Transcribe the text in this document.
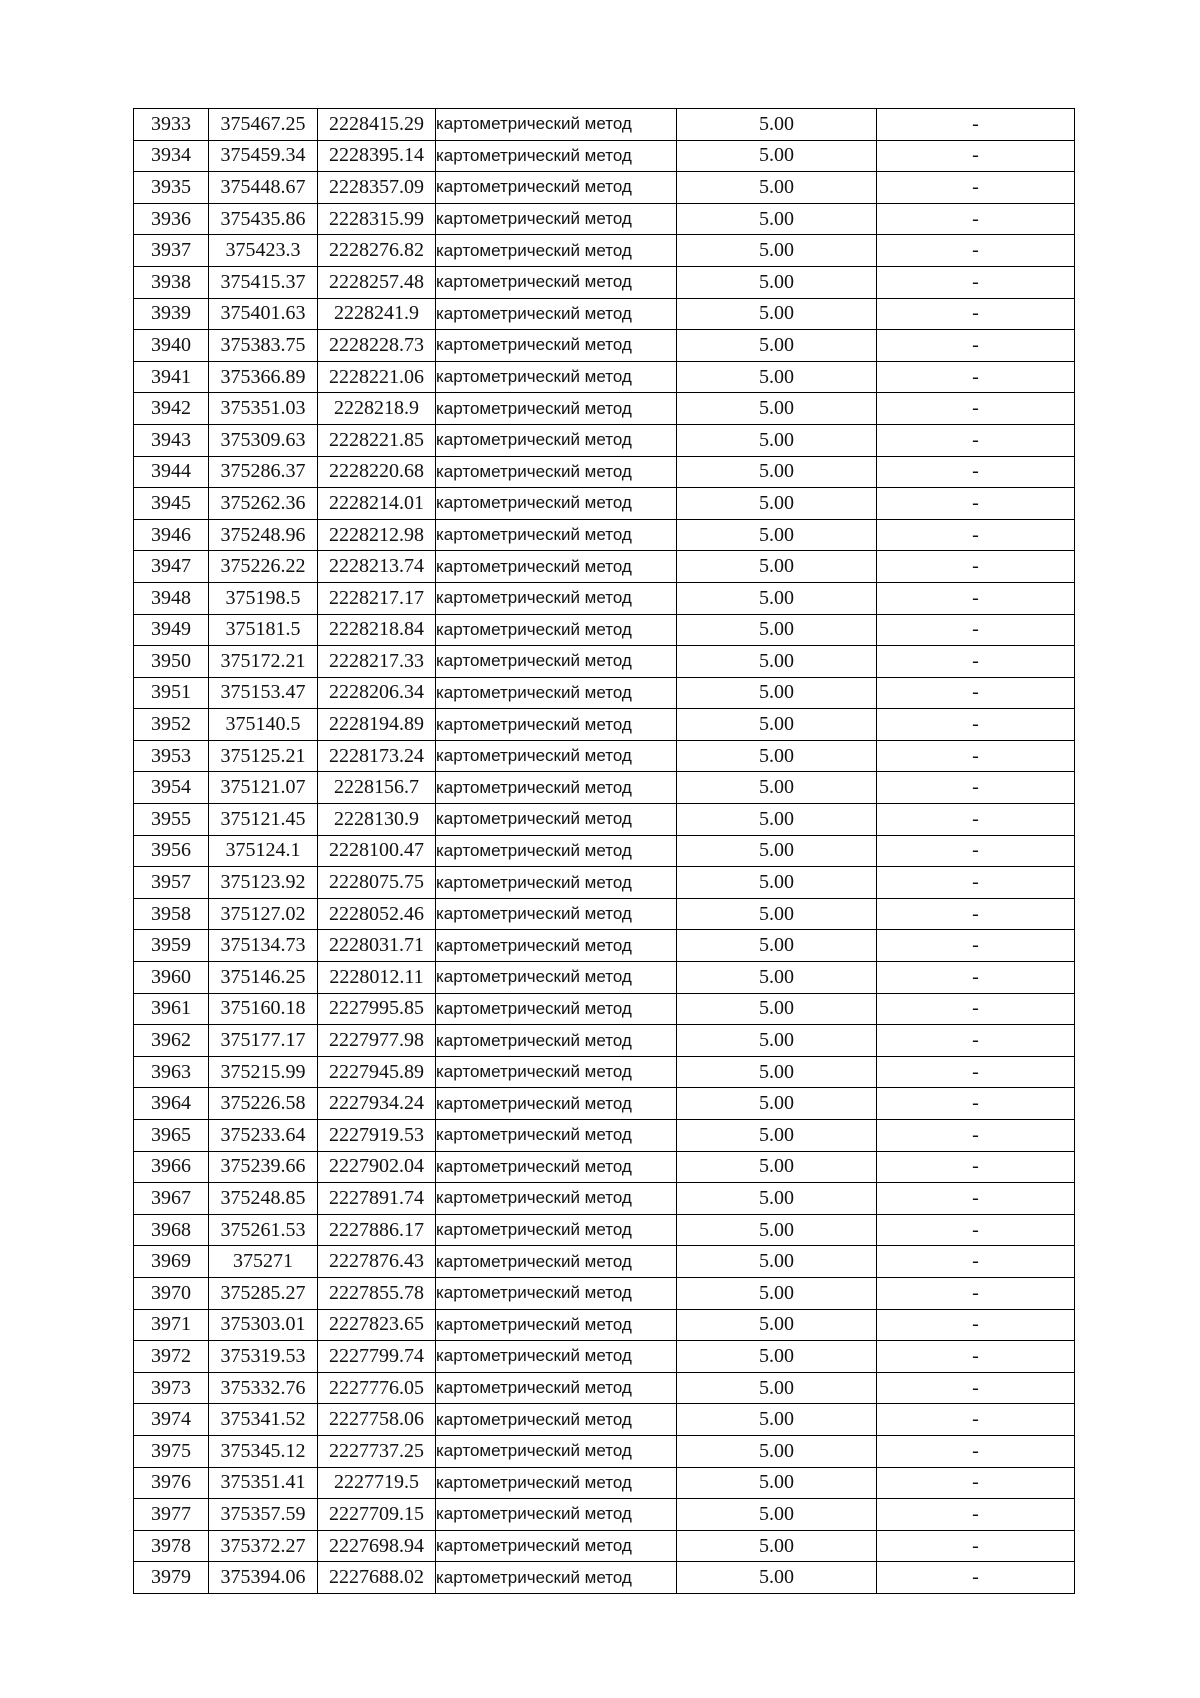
3933	375467.25	2228415.29	картометрический метод	5.00	-
3934	375459.34	2228395.14	картометрический метод	5.00	-
3935	375448.67	2228357.09	картометрический метод	5.00	-
3936	375435.86	2228315.99	картометрический метод	5.00	-
3937	375423.3	2228276.82	картометрический метод	5.00	-
3938	375415.37	2228257.48	картометрический метод	5.00	-
3939	375401.63	2228241.9	картометрический метод	5.00	-
3940	375383.75	2228228.73	картометрический метод	5.00	-
3941	375366.89	2228221.06	картометрический метод	5.00	-
3942	375351.03	2228218.9	картометрический метод	5.00	-
3943	375309.63	2228221.85	картометрический метод	5.00	-
3944	375286.37	2228220.68	картометрический метод	5.00	-
3945	375262.36	2228214.01	картометрический метод	5.00	-
3946	375248.96	2228212.98	картометрический метод	5.00	-
3947	375226.22	2228213.74	картометрический метод	5.00	-
3948	375198.5	2228217.17	картометрический метод	5.00	-
3949	375181.5	2228218.84	картометрический метод	5.00	-
3950	375172.21	2228217.33	картометрический метод	5.00	-
3951	375153.47	2228206.34	картометрический метод	5.00	-
3952	375140.5	2228194.89	картометрический метод	5.00	-
3953	375125.21	2228173.24	картометрический метод	5.00	-
3954	375121.07	2228156.7	картометрический метод	5.00	-
3955	375121.45	2228130.9	картометрический метод	5.00	-
3956	375124.1	2228100.47	картометрический метод	5.00	-
3957	375123.92	2228075.75	картометрический метод	5.00	-
3958	375127.02	2228052.46	картометрический метод	5.00	-
3959	375134.73	2228031.71	картометрический метод	5.00	-
3960	375146.25	2228012.11	картометрический метод	5.00	-
3961	375160.18	2227995.85	картометрический метод	5.00	-
3962	375177.17	2227977.98	картометрический метод	5.00	-
3963	375215.99	2227945.89	картометрический метод	5.00	-
3964	375226.58	2227934.24	картометрический метод	5.00	-
3965	375233.64	2227919.53	картометрический метод	5.00	-
3966	375239.66	2227902.04	картометрический метод	5.00	-
3967	375248.85	2227891.74	картометрический метод	5.00	-
3968	375261.53	2227886.17	картометрический метод	5.00	-
3969	375271	2227876.43	картометрический метод	5.00	-
3970	375285.27	2227855.78	картометрический метод	5.00	-
3971	375303.01	2227823.65	картометрический метод	5.00	-
3972	375319.53	2227799.74	картометрический метод	5.00	-
3973	375332.76	2227776.05	картометрический метод	5.00	-
3974	375341.52	2227758.06	картометрический метод	5.00	-
3975	375345.12	2227737.25	картометрический метод	5.00	-
3976	375351.41	2227719.5	картометрический метод	5.00	-
3977	375357.59	2227709.15	картометрический метод	5.00	-
3978	375372.27	2227698.94	картометрический метод	5.00	-
3979	375394.06	2227688.02	картометрический метод	5.00	-
